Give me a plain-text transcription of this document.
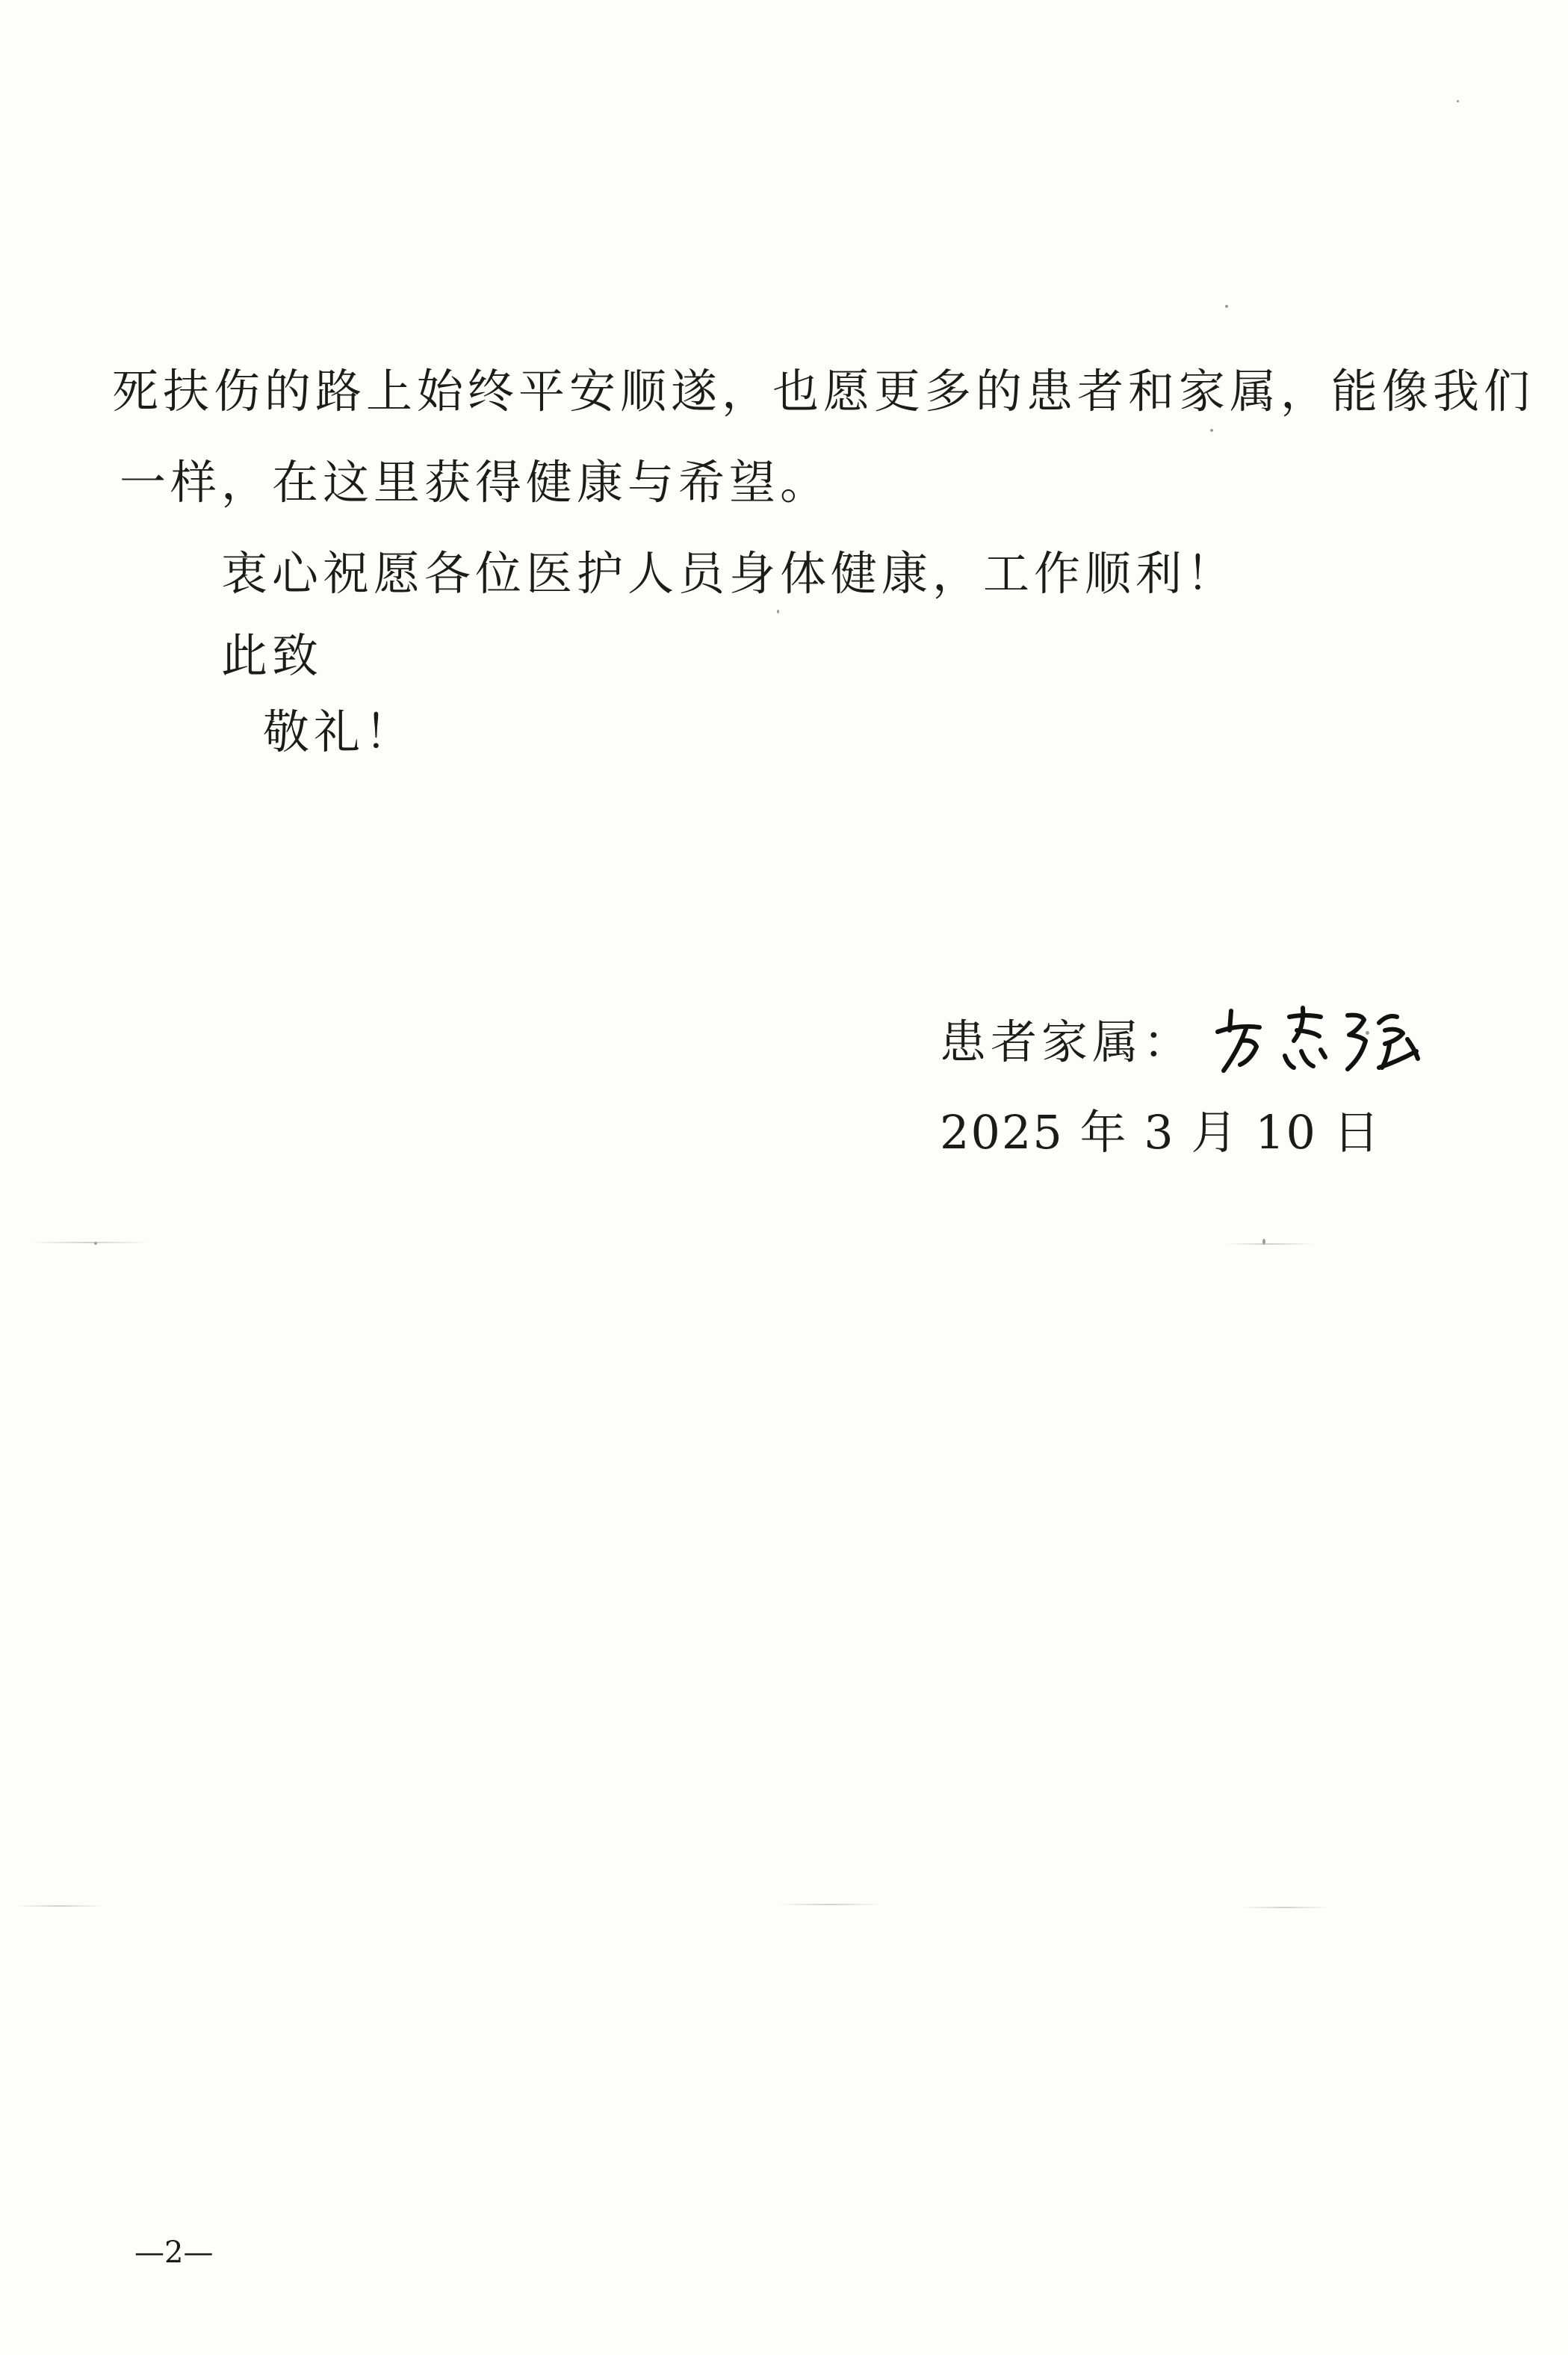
死扶伤的路上始终平安顺遂，也愿更多的患者和家属，能像我们
一样，在这里获得健康与希望。
衷心祝愿各位医护人员身体健康，工作顺利！
此致
敬礼！
患者家属：
2025 年 3 月 10 日
—2—
